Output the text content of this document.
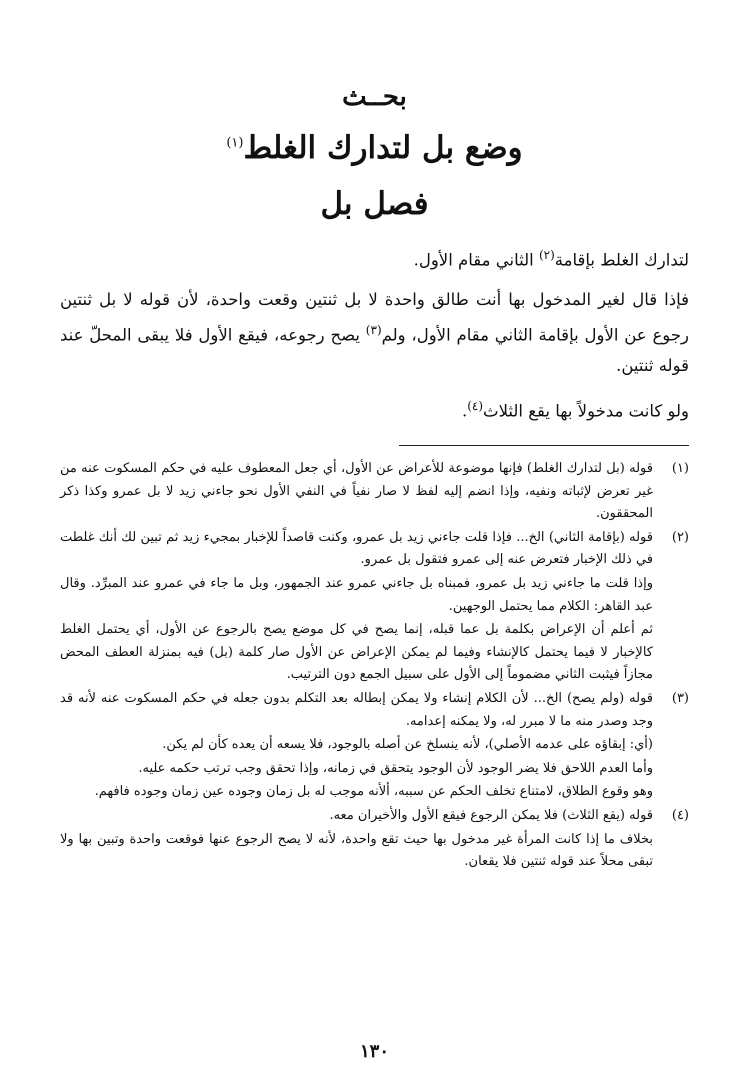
بحــث
وضع بل لتدارك الغلط$^{(١)}$
فصل بل

لتدارك الغلط بإقامة$^{(٢)}$ الثاني مقام الأول.

فإذا قال لغير المدخول بها أنت طالق واحدة لا بل ثنتين وقعت واحدة، لأن قوله لا بل ثنتين رجوع عن الأول بإقامة الثاني مقام الأول، ولم$^{(٣)}$ يصح رجوعه، فيقع الأول فلا يبقى المحلّ عند قوله ثنتين.

ولو كانت مدخولاً بها يقع الثلاث$^{(٤)}$.

(١)

قوله (بل لتدارك الغلط) فإنها موضوعة للأعراض عن الأول، أي جعل المعطوف عليه في حكم المسكوت عنه من غير تعرض لإثباته ونفيه، وإذا انضم إليه لفظ لا صار نفياً في النفي الأول نحو جاءني زيد لا بل عمرو وكذا ذكر المحققون.

(٢)

قوله (بإقامة الثاني) الخ... فإذا قلت جاءني زيد بل عمرو، وكنت قاصداً للإخبار بمجيء زيد ثم تبين لك أنك غلطت في ذلك الإخبار فتعرض عنه إلى عمرو فتقول بل عمرو.

وإذا قلت ما جاءني زيد بل عمرو، فمبناه بل جاءني عمرو عند الجمهور، وبل ما جاء في عمرو عند المبرِّد. وقال عبد القاهر: الكلام مما يحتمل الوجهين.

ثم أعلم أن الإعراض بكلمة بل عما قبله، إنما يصح في كل موضع يصح بالرجوع عن الأول، أي يحتمل الغلط كالإخبار لا فيما يحتمل كالإنشاء وفيما لم يمكن الإعراض عن الأول صار كلمة (بل) فيه بمنزلة العطف المحض مجازاً فيثبت الثاني مضموماً إلى الأول على سبيل الجمع دون الترتيب.

(٣)

قوله (ولم يصح) الخ... لأن الكلام إنشاء ولا يمكن إبطاله بعد التكلم بدون جعله في حكم المسكوت عنه لأنه قد وجد وصدر منه ما لا مبرر له، ولا يمكنه إعدامه.

(أي: إبقاؤه على عدمه الأصلي)، لأنه ينسلخ عن أصله بالوجود، فلا يسعه أن يعده كأن لم يكن.

وأما العدم اللاحق فلا يضر الوجود لأن الوجود يتحقق في زمانه، وإذا تحقق وجب ترتب حكمه عليه.

وهو وقوع الطلاق، لامتناع تخلف الحكم عن سببه، ألأنه موجب له بل زمان وجوده عين زمان وجوده فافهم.

(٤)

قوله (يقع الثلاث) فلا يمكن الرجوع فيقع الأول والأخيران معه.

بخلاف ما إذا كانت المرأة غير مدخول بها حيث تقع واحدة، لأنه لا يصح الرجوع عنها فوقعت واحدة وتبين بها ولا تبقى محلاً عند قوله ثنتين فلا يقعان.

١٣٠
